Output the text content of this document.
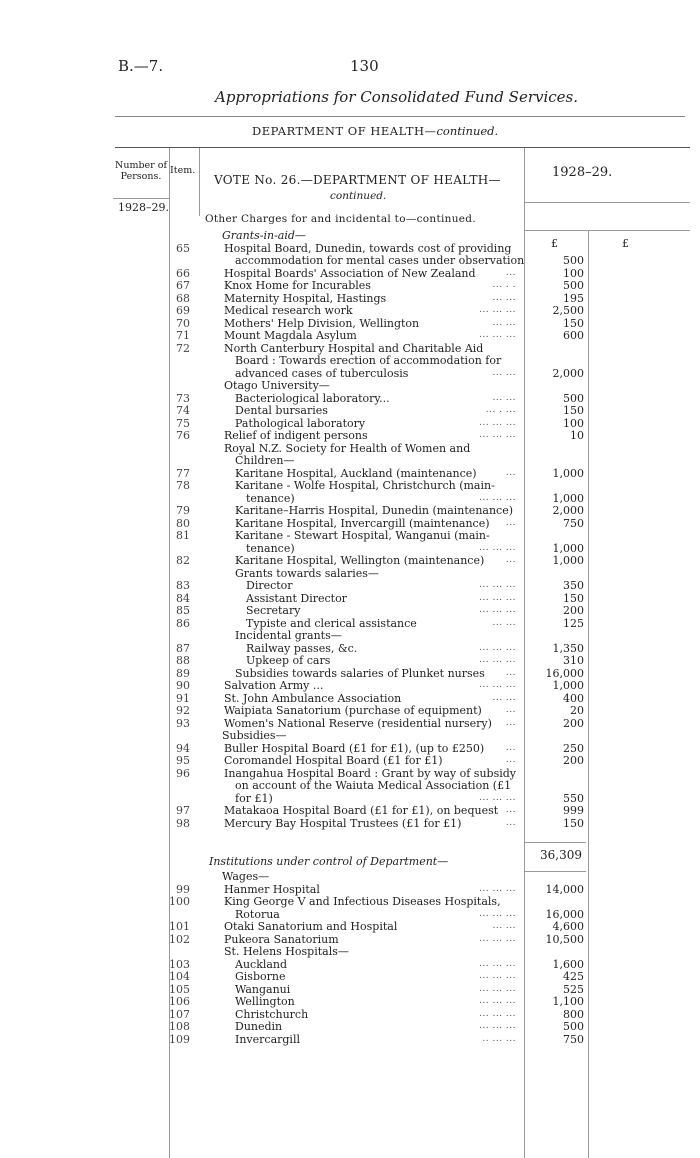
B.—7.	130
Appropriations for Consolidated Fund Services.
DEPARTMENT OF HEALTH—continued.
Number of Persons.
Item.
1928–29.
VOTE No. 26.—DEPARTMENT OF HEALTH—
continued.
1928–29.
£	£
Other Charges for and incidental to—continued.
Grants-in-aid—
65	Hospital Board, Dunedin, towards cost of providing
accommodation for mental cases under observation	500
66	Hospital Boards' Association of New Zealand	...	100
67	Knox Home for Incurables	... . .	500
68	Maternity Hospital, Hastings	... ...	195
69	Medical research work	... ... ...	2,500
70	Mothers' Help Division, Wellington	... ...	150
71	Mount Magdala Asylum	... ... ...	600
72	North Canterbury Hospital and Charitable Aid
Board : Towards erection of accommodation for
advanced cases of tuberculosis	... ...	2,000
Otago University—
73	Bacteriological laboratory...	... ...	500
74	Dental bursaries	... . ...	150
75	Pathological laboratory	... ... ...	100
76	Relief of indigent persons	... ... ...	10
Royal N.Z. Society for Health of Women and
Children—
77	Karitane Hospital, Auckland (maintenance)	...	1,000
78	Karitane - Wolfe Hospital, Christchurch (main-
tenance)	... ... ...	1,000
79	Karitane–Harris Hospital, Dunedin (maintenance)	2,000
80	Karitane Hospital, Invercargill (maintenance)	...	750
81	Karitane - Stewart Hospital, Wanganui (main-
tenance)	... ... ...	1,000
82	Karitane Hospital, Wellington (maintenance)	...	1,000
Grants towards salaries—
83	Director	... ... ...	350
84	Assistant Director	... ... ...	150
85	Secretary	... ... ...	200
86	Typiste and clerical assistance	... ...	125
Incidental grants—
87	Railway passes, &c.	... ... ...	1,350
88	Upkeep of cars	... ... ...	310
89	Subsidies towards salaries of Plunket nurses	...	16,000
90	Salvation Army ...	... ... ...	1,000
91	St. John Ambulance Association	... ...	400
92	Waipiata Sanatorium (purchase of equipment)	...	20
93	Women's National Reserve (residential nursery)	...	200
Subsidies—
94	Buller Hospital Board (£1 for £1), (up to £250)	...	250
95	Coromandel Hospital Board (£1 for £1)	...	200
96	Inangahua Hospital Board : Grant by way of subsidy
on account of the Waiuta Medical Association (£1
for £1)	... ... ...	550
97	Matakaoa Hospital Board (£1 for £1), on bequest ...	999
98	Mercury Bay Hospital Trustees (£1 for £1)	...	150
36,309
Institutions under control of Department—
Wages—
99	Hanmer Hospital	... ... ...	14,000
100	King George V and Infectious Diseases Hospitals,
Rotorua	... ... ...	16,000
101	Otaki Sanatorium and Hospital	... ...	4,600
102	Pukeora Sanatorium	... ... ...	10,500
St. Helens Hospitals—
103	Auckland	... ... ...	1,600
104	Gisborne	... ... ...	425
105	Wanganui	... ... ...	525
106	Wellington	... ... ...	1,100
107	Christchurch	... ... ...	800
108	Dunedin	... ... ...	500
109	Invercargill	.. ... ...	750
